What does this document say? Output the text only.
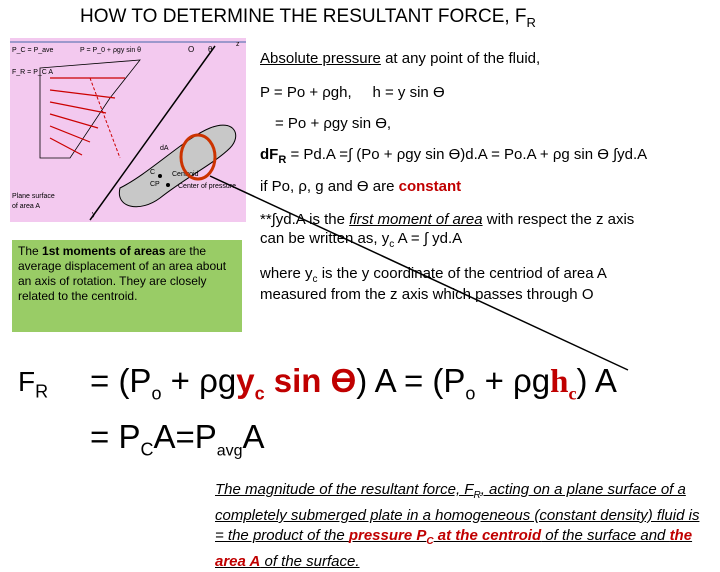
HOW TO DETERMINE THE RESULTANT FORCE, $F_R$
P_C = P_ave	P = P_0 + ρgy sin θ
F_R = P_C A
O θ
Centroid
Center of pressure
C
CP
Plane surface
of area A
dA
z
y
Absolute pressure at any point of the fluid,
P = Po + ρgh,     h = y sin ϴ
= Po + ρgy sin ϴ,
$dF_R = Pd.A$ =∫ (Po + ρgy sin ϴ)d.A = Po.A + ρg sin ϴ ∫yd.A
if Po, ρ, g and ϴ are constant
**∫yd.A is the first moment of area with respect the z axis
can be written as, $y_c$ A = ∫ yd.A
where $y_c$ is the y coordinate of the centriod of area A
measured from the z axis which passes through O
The 1st moments of areas are the average displacement of an area about an axis of rotation. They are closely related to the centroid.
$F_R = (P_o + \rho gy_c$ sin ϴ) $A = (P_o + \rho gh_c)$ A
= $P_CA=P_{avg}A$
The magnitude of the resultant force, $F_R$, acting on a plane surface of a completely submerged plate in a homogeneous (constant density) fluid is = the product of the pressure $P_C$ at the centroid of the surface and the area A of the surface.
